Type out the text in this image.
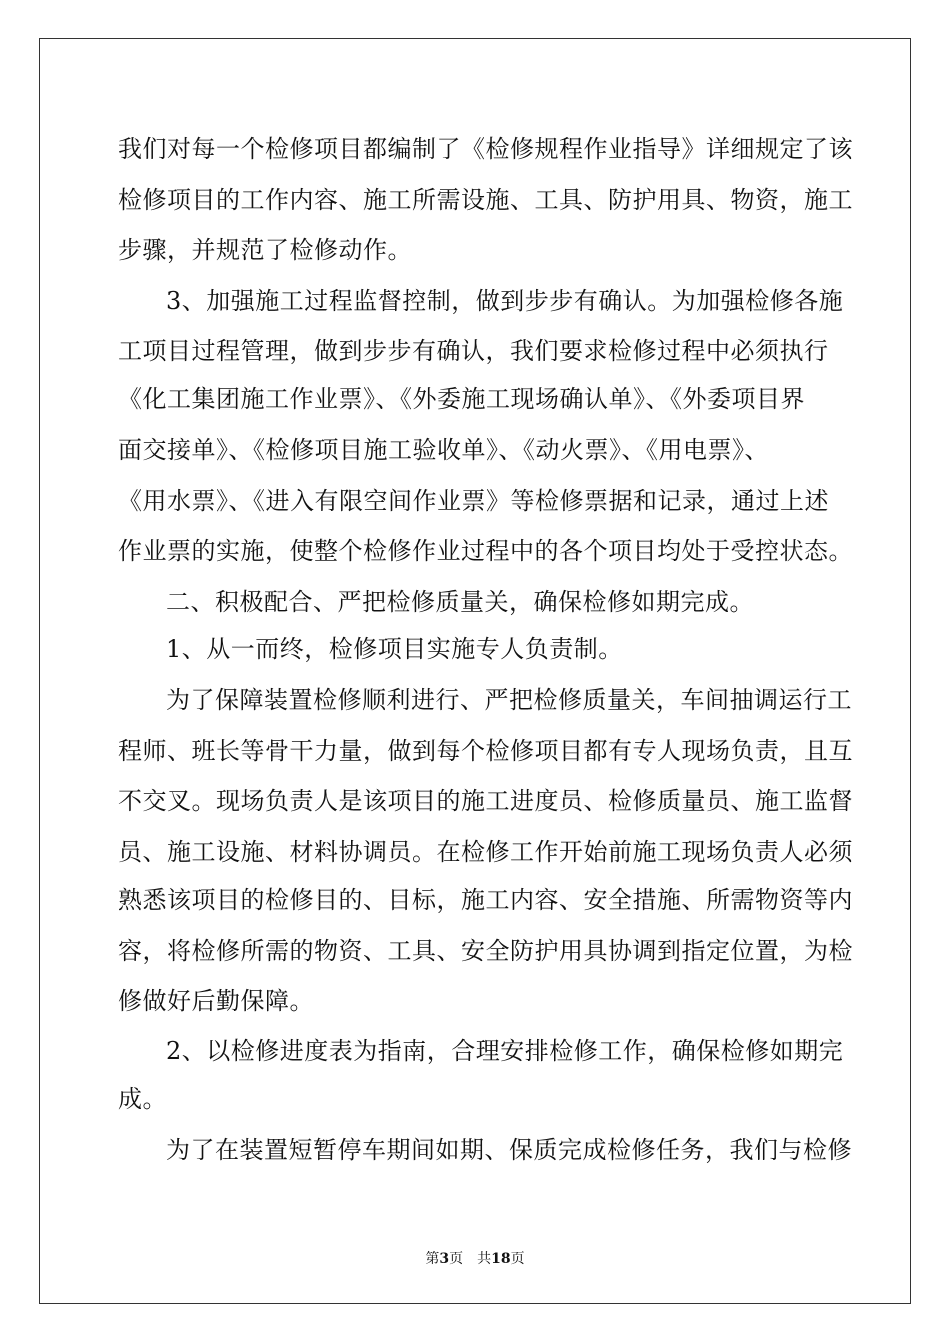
我们对每一个检修项目都编制了《检修规程作业指导》详细规定了该

检修项目的工作内容、施工所需设施、工具、防护用具、物资，施工

步骤，并规范了检修动作。

3、加强施工过程监督控制，做到步步有确认。为加强检修各施

工项目过程管理，做到步步有确认，我们要求检修过程中必须执行

《化工集团施工作业票》、《外委施工现场确认单》、《外委项目界

面交接单》、《检修项目施工验收单》、《动火票》、《用电票》、

《用水票》、《进入有限空间作业票》等检修票据和记录，通过上述

作业票的实施，使整个检修作业过程中的各个项目均处于受控状态。

二、积极配合、严把检修质量关，确保检修如期完成。

1、从一而终，检修项目实施专人负责制。

为了保障装置检修顺利进行、严把检修质量关，车间抽调运行工

程师、班长等骨干力量，做到每个检修项目都有专人现场负责，且互

不交叉。现场负责人是该项目的施工进度员、检修质量员、施工监督

员、施工设施、材料协调员。在检修工作开始前施工现场负责人必须

熟悉该项目的检修目的、目标，施工内容、安全措施、所需物资等内

容，将检修所需的物资、工具、安全防护用具协调到指定位置，为检

修做好后勤保障。

2、以检修进度表为指南，合理安排检修工作，确保检修如期完

成。

为了在装置短暂停车期间如期、保质完成检修任务，我们与检修

第3页　共18页
